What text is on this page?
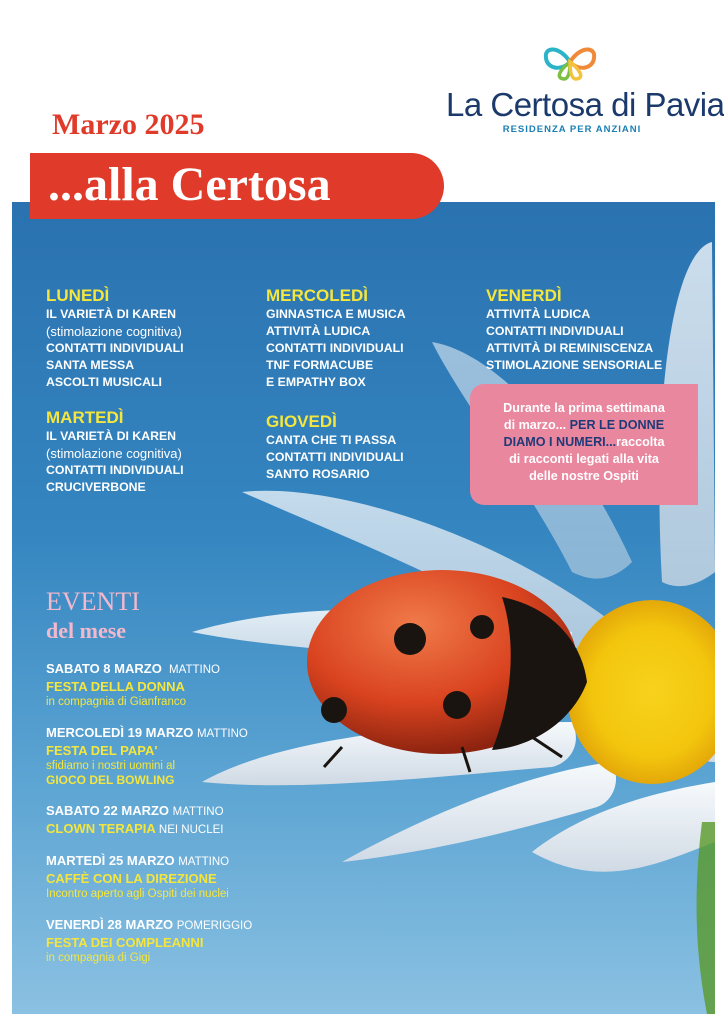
La Certosa di Pavia
RESIDENZA PER ANZIANI
Marzo 2025
...alla Certosa
LUNEDÌ
IL VARIETÀ DI KAREN
(stimolazione cognitiva)
CONTATTI INDIVIDUALI
SANTA MESSA
ASCOLTI MUSICALI
MARTEDÌ
IL VARIETÀ DI KAREN
(stimolazione cognitiva)
CONTATTI INDIVIDUALI
CRUCIVERBONE
MERCOLEDÌ
GINNASTICA E MUSICA
ATTIVITÀ LUDICA
CONTATTI INDIVIDUALI
TNF FORMACUBE
E EMPATHY BOX
GIOVEDÌ
CANTA CHE TI PASSA
CONTATTI INDIVIDUALI
SANTO ROSARIO
VENERDÌ
ATTIVITÀ LUDICA
CONTATTI INDIVIDUALI
ATTIVITÀ DI REMINISCENZA
STIMOLAZIONE SENSORIALE
Durante la prima settimana
di marzo... PER LE DONNE
DIAMO I NUMERI...raccolta
di racconti legati alla vita
delle nostre Ospiti
EVENTI
del mese
SABATO 8 MARZO MATTINO
FESTA DELLA DONNA
in compagnia di Gianfranco
MERCOLEDÌ 19 MARZO MATTINO
FESTA DEL PAPA'
sfidiamo i nostri uomini al
GIOCO DEL BOWLING
SABATO 22 MARZO MATTINO
CLOWN TERAPIA NEI NUCLEI
MARTEDÌ 25 MARZO MATTINO
CAFFÈ CON LA DIREZIONE
Incontro aperto agli Ospiti dei nuclei
VENERDÌ 28 MARZO POMERIGGIO
FESTA DEI COMPLEANNI
in compagnia di Gigi
